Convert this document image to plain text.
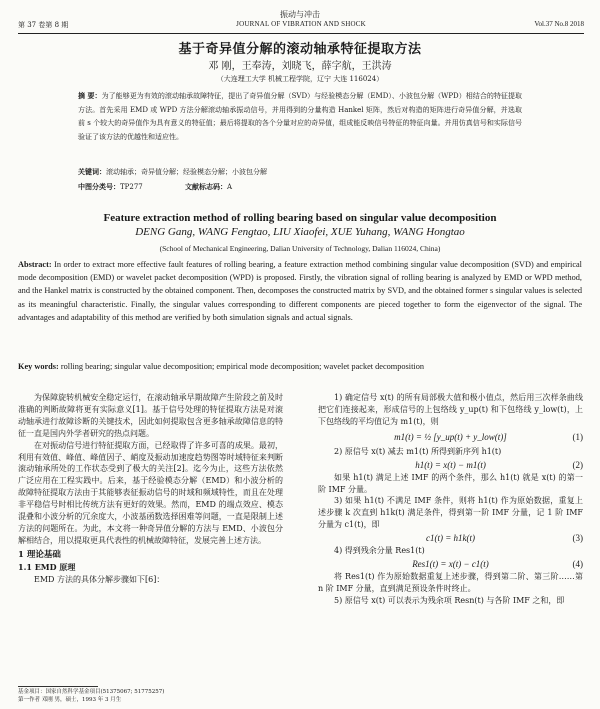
振动与冲击
第 37 卷第 8 期	JOURNAL OF VIBRATION AND SHOCK	Vol.37 No.8 2018
基于奇异值分解的滚动轴承特征提取方法
邓 刚，王奉涛，刘晓飞，薛字航，王洪涛
（大连理工大学 机械工程学院，辽宁 大连 116024）
摘 要：为了能够更为有效的滚动轴承故障特征，提出了奇异值分解（SVD）与经验模态分解（EMD）、小波包分解（WPD）相结合的特征提取方法。首先采用 EMD 或 WPD 方法分解滚动轴承振动信号，并用得到的分量构造 Hankel 矩阵，然后对构造的矩阵进行奇异值分解，并选取前 s 个较大的奇异值作为具有意义的特征值；最后将提取的各个分量对应的奇异值，组成能反映信号特征的特征向量。并用仿真信号和实际信号验证了该方法的优越性和适应性。
关键词：滚动轴承；奇异值分解；经验模态分解；小波包分解
中图分类号：TP277	文献标志码：A
Feature extraction method of rolling bearing based on singular value decomposition
DENG Gang, WANG Fengtao, LIU Xiaofei, XUE Yuhang, WANG Hongtao
(School of Mechanical Engineering, Dalian University of Technology, Dalian 116024, China)
Abstract: In order to extract more effective fault features of rolling bearing, a feature extraction method combining singular value decomposition (SVD) and empirical mode decomposition (EMD) or wavelet packet decomposition (WPD) is proposed. Firstly, the vibration signal of rolling bearing is analyzed by EMD or WPD method, and the Hankel matrix is constructed by the obtained component. Then, decomposes the constructed matrix by SVD, and the obtained former s singular values is selected as its meaningful characteristic. Finally, the singular values corresponding to different components are pieced together to form the eigenvector of the signal. The advantages and adaptability of this method are verified by both simulation signals and actual signals.
Key words: rolling bearing; singular value decomposition; empirical mode decomposition; wavelet packet decomposition

为保障旋转机械安全稳定运行，在滚动轴承早期故障产生阶段之前及时准确的判断故障将更有实际意义[1]。基于信号处理的特征提取方法是对滚动轴承进行故障诊断的关键技术，因此如何提取包含更多轴承故障信息的特征一直是国内外学者研究的热点问题。

在对振动信号进行特征提取方面，已经取得了许多可喜的成果。最初，利用有效值、峰值、峰值因子、峭度及振动加速度趋势图等时域特征来判断滚动轴承所处的工作状态受到了极大的关注[2]。迄今为止，这些方法依然广泛应用在工程实践中。后来，基于经验模态分解（EMD）和小波分析的故障特征提取方法由于其能够表征振动信号的时域和频域特性，而且在处理非平稳信号时相比传统方法有更好的效果。然而，EMD 的端点效应、模态混叠和小波分析的冗余度大，小波基函数选择困难等问题，一直是限制上述方法的问题所在。为此，本文将一种奇异值分解的方法与 EMD、小波包分解相结合，用以提取更具代表性的机械故障特征，发展完善上述方法。

1 理论基础
1.1 EMD 原理

EMD 方法的具体分解步骤如下[6]：

基金项目：国家自然科学基金项目(51375067; 51775257)
第一作者 邓刚 男，硕士，1993 年 3 月生

1) 确定信号 x(t) 的所有局部极大值和极小值点，然后用三次样条曲线把它们连接起来，形成信号的上包络线 y_up(t) 和下包络线 y_low(t)，上下包络线的平均值记为 m1(t)，则

m1(t) = ½ [y_up(t) + y_low(t)]	(1)

2) 原信号 x(t) 减去 m1(t) 所得到新序列 h1(t)

h1(t) = x(t) − m1(t)	(2)

如果 h1(t) 满足上述 IMF 的两个条件，那么 h1(t) 就是 x(t) 的第一阶 IMF 分量。

3) 如果 h1(t) 不满足 IMF 条件，则将 h1(t) 作为原始数据，重复上述步骤 k 次直到 h1k(t) 满足条件，得到第一阶 IMF 分量，记 1 阶 IMF 分量为 c1(t)，即

c1(t) = h1k(t)	(3)

4) 得到残余分量 Res1(t)

Res1(t) = x(t) − c1(t)	(4)

将 Res1(t) 作为原始数据重复上述步骤，得到第二阶、第三阶……第 n 阶 IMF 分量，直到满足预设条件时终止。

5) 原信号 x(t) 可以表示为残余项 Resn(t) 与各阶 IMF 之和，即
